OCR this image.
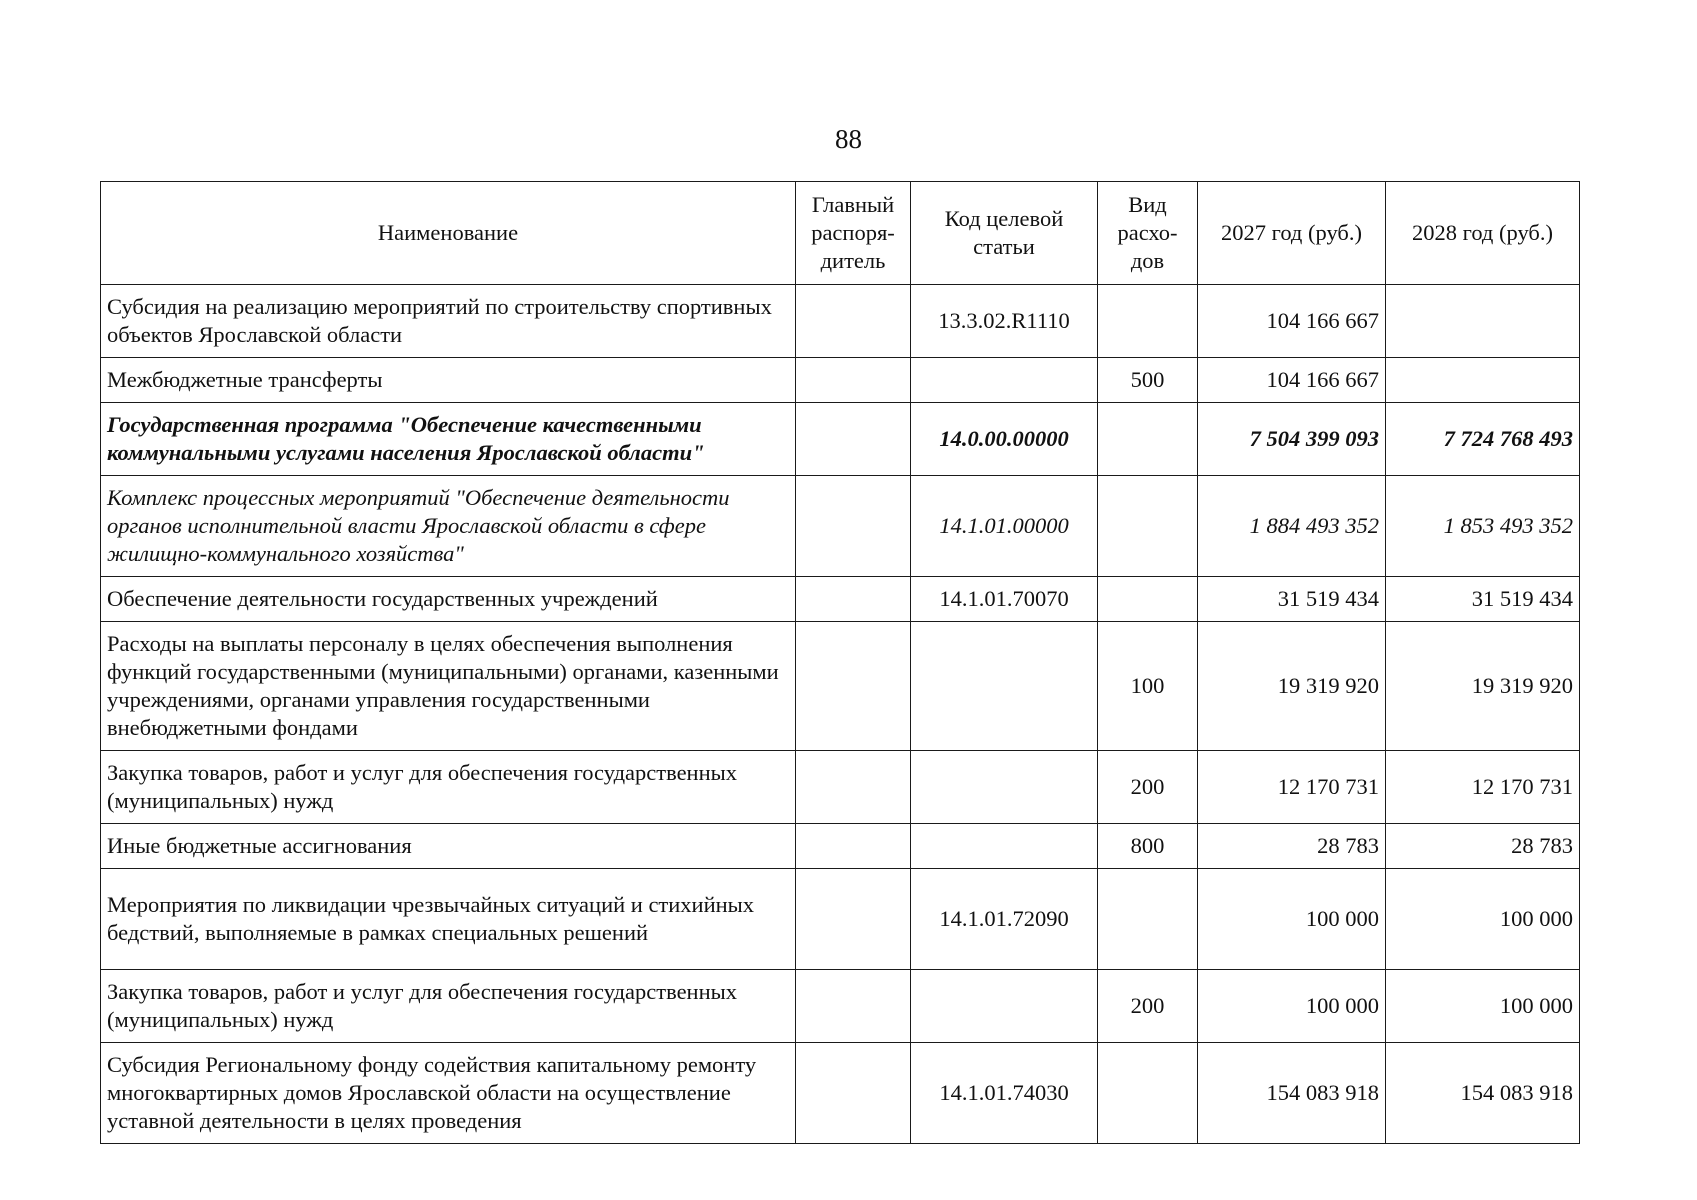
88
Наименование	Главный распоря-дитель	Код целевой статьи	Вид расхо-дов	2027 год (руб.)	2028 год (руб.)
Субсидия на реализацию мероприятий по строительству спортивных объектов Ярославской области		13.3.02.R1110		104 166 667	
Межбюджетные трансферты			500	104 166 667	
Государственная программа "Обеспечение качественными коммунальными услугами населения Ярославской области"		14.0.00.00000		7 504 399 093	7 724 768 493
Комплекс процессных мероприятий "Обеспечение деятельности органов исполнительной власти Ярославской области в сфере жилищно-коммунального хозяйства"		14.1.01.00000		1 884 493 352	1 853 493 352
Обеспечение деятельности государственных учреждений		14.1.01.70070		31 519 434	31 519 434
Расходы на выплаты персоналу в целях обеспечения выполнения функций государственными (муниципальными) органами, казенными учреждениями, органами управления государственными внебюджетными фондами			100	19 319 920	19 319 920
Закупка товаров, работ и услуг для обеспечения государственных (муниципальных) нужд			200	12 170 731	12 170 731
Иные бюджетные ассигнования			800	28 783	28 783
Мероприятия по ликвидации чрезвычайных ситуаций и стихийных бедствий, выполняемые в рамках специальных решений		14.1.01.72090		100 000	100 000
Закупка товаров, работ и услуг для обеспечения государственных (муниципальных) нужд			200	100 000	100 000
Субсидия Региональному фонду содействия капитальному ремонту многоквартирных домов Ярославской области на осуществление уставной деятельности в целях проведения		14.1.01.74030		154 083 918	154 083 918
